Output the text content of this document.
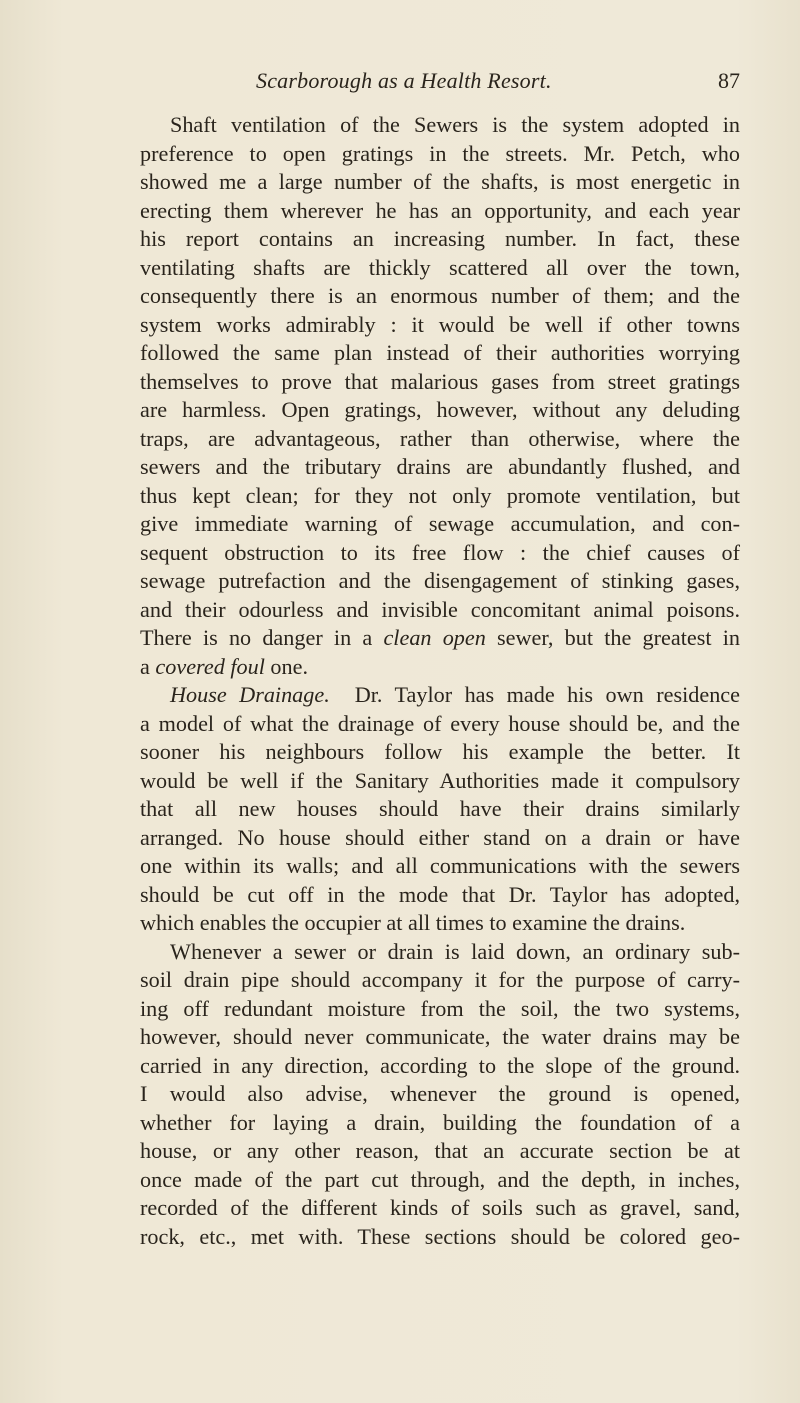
Scarborough as a Health Resort.	87
Shaft ventilation of the Sewers is the system adopted in
preference to open gratings in the streets. Mr. Petch, who
showed me a large number of the shafts, is most energetic in
erecting them wherever he has an opportunity, and each year
his report contains an increasing number. In fact, these
ventilating shafts are thickly scattered all over the town,
consequently there is an enormous number of them; and the
system works admirably : it would be well if other towns
followed the same plan instead of their authorities worrying
themselves to prove that malarious gases from street gratings
are harmless. Open gratings, however, without any deluding
traps, are advantageous, rather than otherwise, where the
sewers and the tributary drains are abundantly flushed, and
thus kept clean; for they not only promote ventilation, but
give immediate warning of sewage accumulation, and con-
sequent obstruction to its free flow : the chief causes of
sewage putrefaction and the disengagement of stinking gases,
and their odourless and invisible concomitant animal poisons.
There is no danger in a clean open sewer, but the greatest in
a covered foul one.
House Drainage.  Dr. Taylor has made his own residence
a model of what the drainage of every house should be, and the
sooner his neighbours follow his example the better. It
would be well if the Sanitary Authorities made it compulsory
that all new houses should have their drains similarly
arranged. No house should either stand on a drain or have
one within its walls; and all communications with the sewers
should be cut off in the mode that Dr. Taylor has adopted,
which enables the occupier at all times to examine the drains.
Whenever a sewer or drain is laid down, an ordinary sub-
soil drain pipe should accompany it for the purpose of carry-
ing off redundant moisture from the soil, the two systems,
however, should never communicate, the water drains may be
carried in any direction, according to the slope of the ground.
I would also advise, whenever the ground is opened,
whether for laying a drain, building the foundation of a
house, or any other reason, that an accurate section be at
once made of the part cut through, and the depth, in inches,
recorded of the different kinds of soils such as gravel, sand,
rock, etc., met with. These sections should be colored geo-
